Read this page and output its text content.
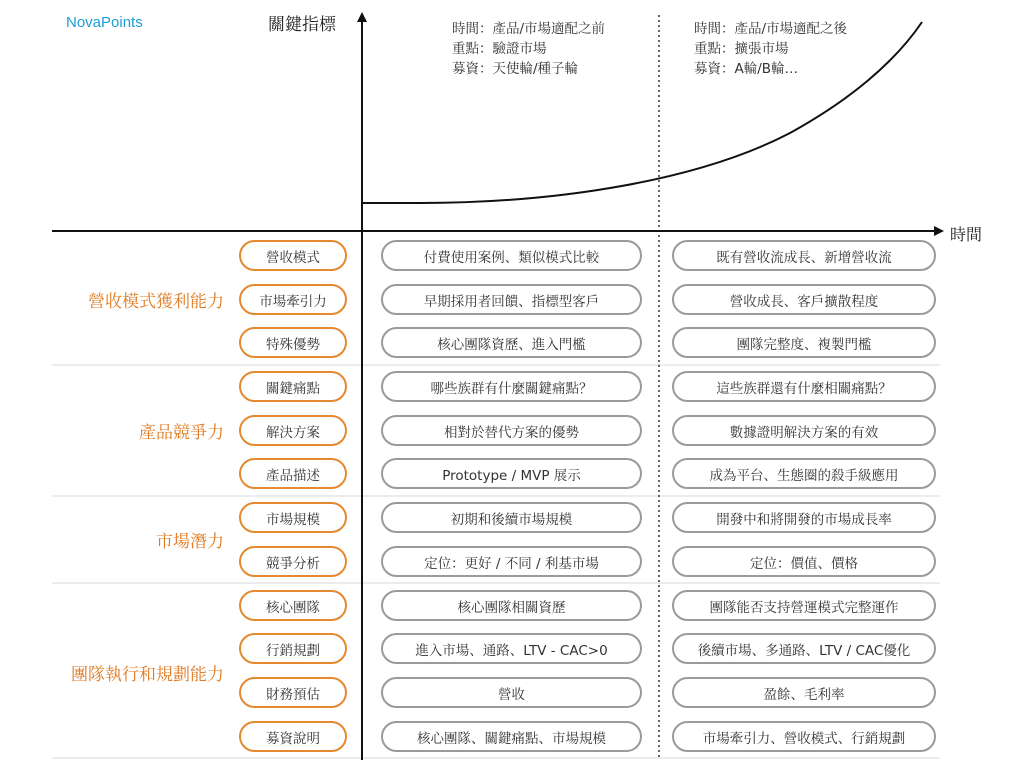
NovaPoints	關鍵指標
時間
時間：產品/市場適配之前
重點：驗證市場
募資：天使輪/種子輪
時間：產品/市場適配之後
重點：擴張市場
募資：A輪/B輪…
營收模式獲利能力
營收模式	付費使用案例、類似模式比較	既有營收流成長、新增營收流
市場牽引力	早期採用者回饋、指標型客戶	營收成長、客戶擴散程度
特殊優勢	核心團隊資歷、進入門檻	團隊完整度、複製門檻
產品競爭力
關鍵痛點	哪些族群有什麼關鍵痛點？	這些族群還有什麼相關痛點？
解決方案	相對於替代方案的優勢	數據證明解決方案的有效
產品描述	Prototype / MVP 展示	成為平台、生態圈的殺手級應用
市場潛力
市場規模	初期和後續市場規模	開發中和將開發的市場成長率
競爭分析	定位：更好 / 不同 / 利基市場	定位：價值、價格
團隊執行和規劃能力
核心團隊	核心團隊相關資歷	團隊能否支持營運模式完整運作
行銷規劃	進入市場、通路、LTV - CAC>0	後續市場、多通路、LTV / CAC優化
財務預估	營收	盈餘、毛利率
募資說明	核心團隊、關鍵痛點、市場規模	市場牽引力、營收模式、行銷規劃
